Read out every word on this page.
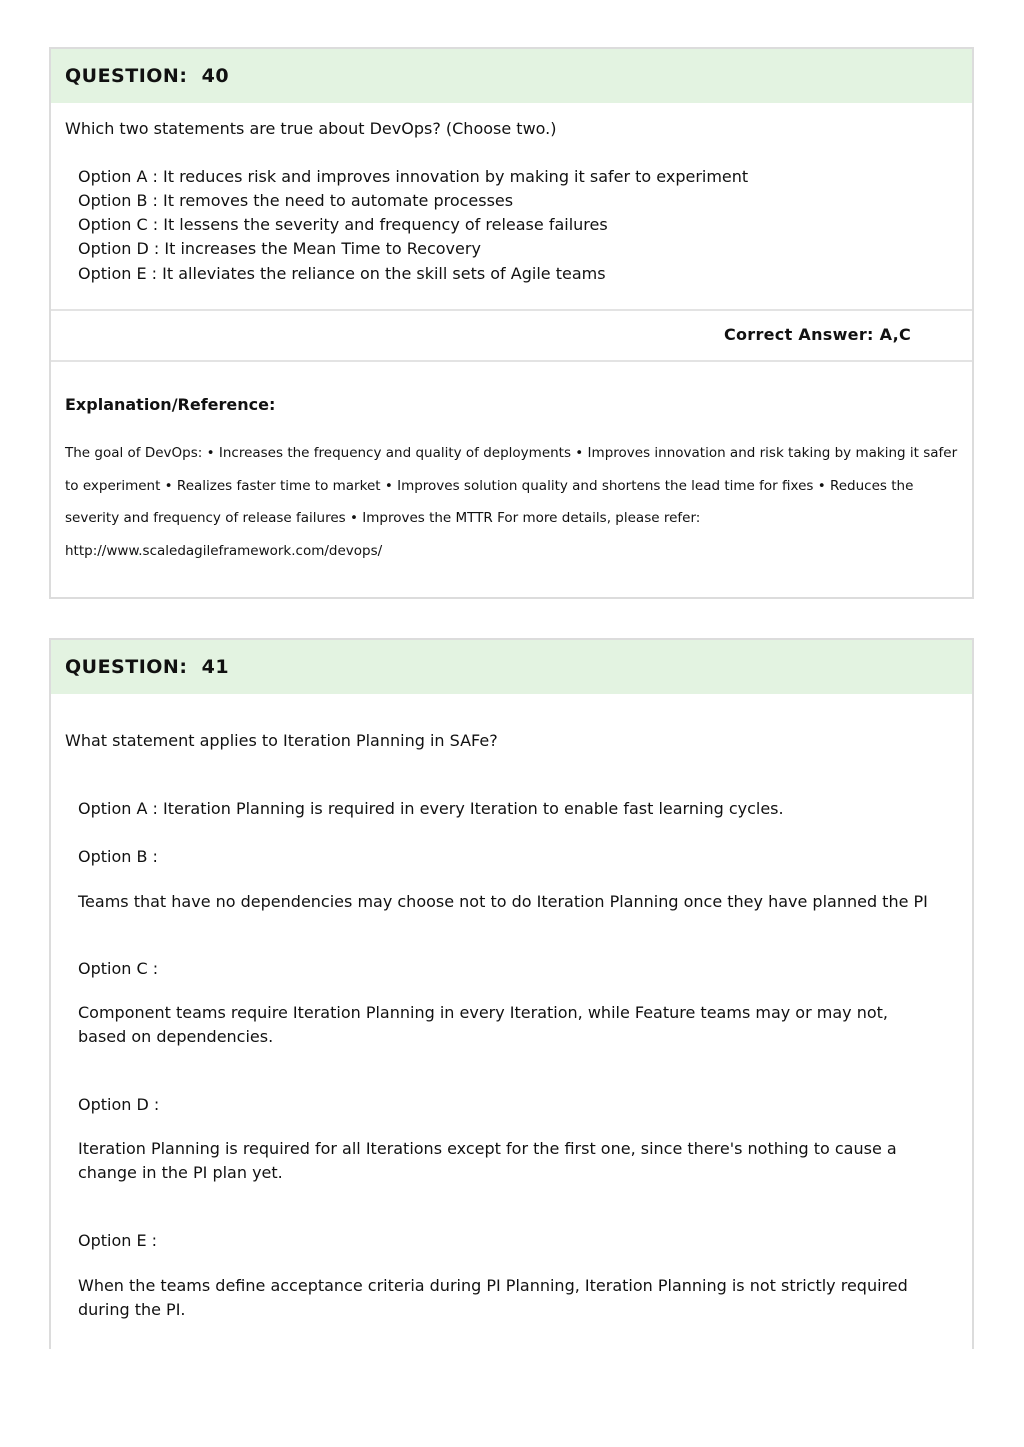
QUESTION:  40
Which two statements are true about DevOps? (Choose two.)
Option A : It reduces risk and improves innovation by making it safer to experiment
Option B : It removes the need to automate processes
Option C : It lessens the severity and frequency of release failures
Option D : It increases the Mean Time to Recovery
Option E : It alleviates the reliance on the skill sets of Agile teams
Correct Answer: A,C
Explanation/Reference:
The goal of DevOps: • Increases the frequency and quality of deployments • Improves innovation and risk taking by making it safer to experiment • Realizes faster time to market • Improves solution quality and shortens the lead time for fixes • Reduces the severity and frequency of release failures • Improves the MTTR For more details, please refer: http://www.scaledagileframework.com/devops/
QUESTION:  41
What statement applies to Iteration Planning in SAFe?
Option A : Iteration Planning is required in every Iteration to enable fast learning cycles.
Option B :
Teams that have no dependencies may choose not to do Iteration Planning once they have planned the PI
Option C :
Component teams require Iteration Planning in every Iteration, while Feature teams may or may not, based on dependencies.
Option D :
Iteration Planning is required for all Iterations except for the first one, since there's nothing to cause a change in the PI plan yet.
Option E :
When the teams define acceptance criteria during PI Planning, Iteration Planning is not strictly required during the PI.
